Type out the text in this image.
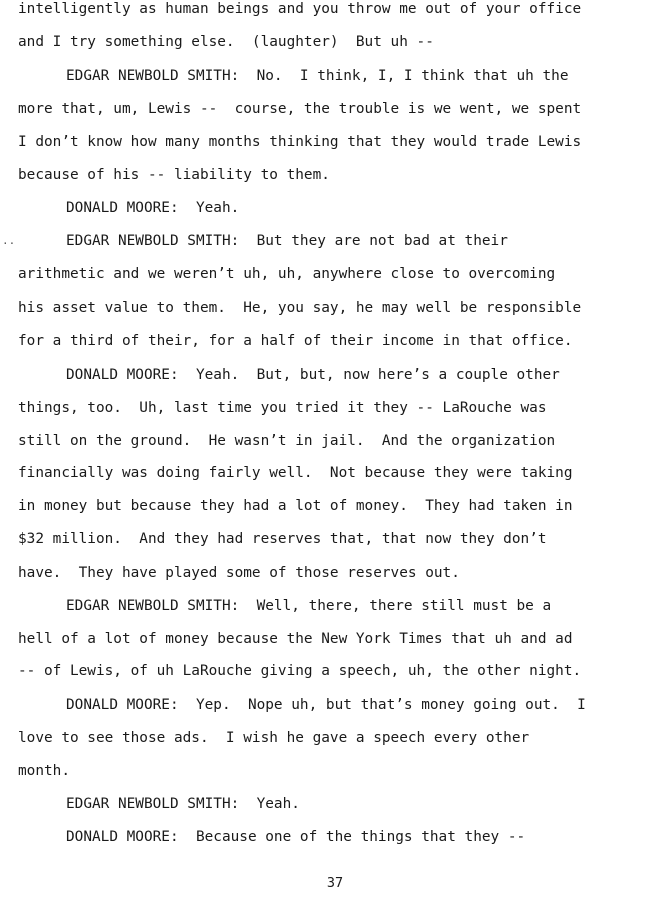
..
intelligently as human beings and you throw me out of your office
and I try something else.  (laughter)  But uh --
EDGAR NEWBOLD SMITH:  No.  I think, I, I think that uh the
more that, um, Lewis --  course, the trouble is we went, we spent
I don’t know how many months thinking that they would trade Lewis
because of his -- liability to them.
DONALD MOORE:  Yeah.
EDGAR NEWBOLD SMITH:  But they are not bad at their
arithmetic and we weren’t uh, uh, anywhere close to overcoming
his asset value to them.  He, you say, he may well be responsible
for a third of their, for a half of their income in that office.
DONALD MOORE:  Yeah.  But, but, now here’s a couple other
things, too.  Uh, last time you tried it they -- LaRouche was
still on the ground.  He wasn’t in jail.  And the organization
financially was doing fairly well.  Not because they were taking
in money but because they had a lot of money.  They had taken in
$32 million.  And they had reserves that, that now they don’t
have.  They have played some of those reserves out.
EDGAR NEWBOLD SMITH:  Well, there, there still must be a
hell of a lot of money because the New York Times that uh and ad
-- of Lewis, of uh LaRouche giving a speech, uh, the other night.
DONALD MOORE:  Yep.  Nope uh, but that’s money going out.  I
love to see those ads.  I wish he gave a speech every other
month.
EDGAR NEWBOLD SMITH:  Yeah.
DONALD MOORE:  Because one of the things that they --
37
